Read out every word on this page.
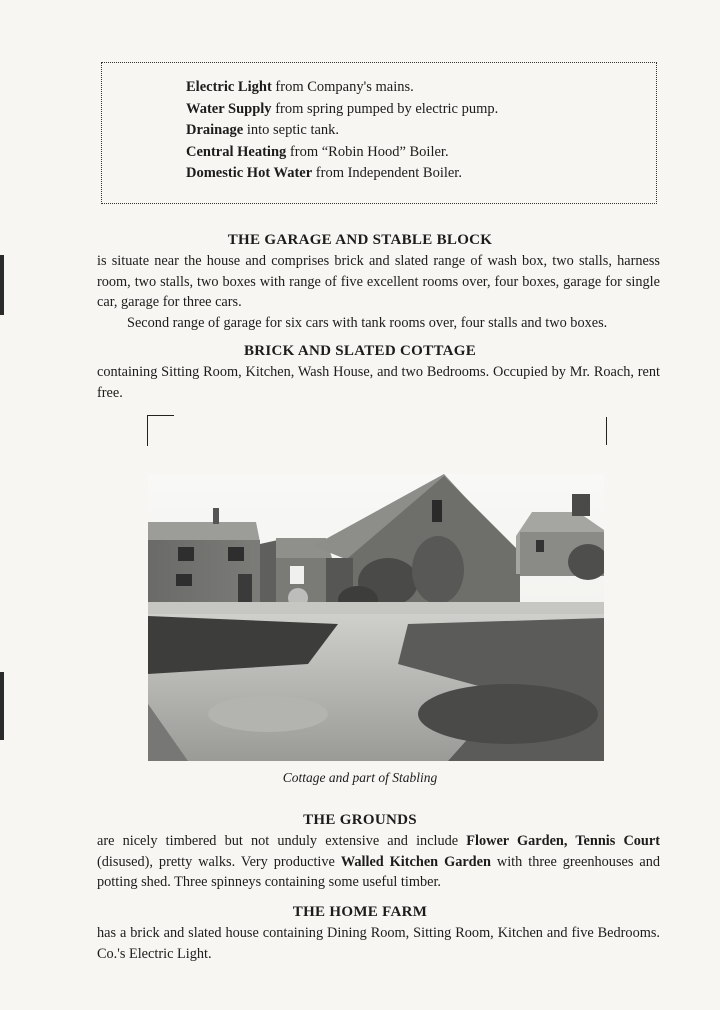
Electric Light from Company's mains.
Water Supply from spring pumped by electric pump.
Drainage into septic tank.
Central Heating from “Robin Hood” Boiler.
Domestic Hot Water from Independent Boiler.
THE GARAGE AND STABLE BLOCK

is situate near the house and comprises brick and slated range of wash box, two stalls, harness room, two stalls, two boxes with range of five excellent rooms over, four boxes, garage for single car, garage for three cars.

Second range of garage for six cars with tank rooms over, four stalls and two boxes.

BRICK AND SLATED COTTAGE

containing Sitting Room, Kitchen, Wash House, and two Bedrooms. Occupied by Mr. Roach, rent free.

Cottage and part of Stabling
THE GROUNDS

are nicely timbered but not unduly extensive and include Flower Garden, Tennis Court (disused), pretty walks. Very productive Walled Kitchen Garden with three greenhouses and potting shed. Three spinneys containing some useful timber.

THE HOME FARM

has a brick and slated house containing Dining Room, Sitting Room, Kitchen and five Bedrooms. Co.'s Electric Light.
